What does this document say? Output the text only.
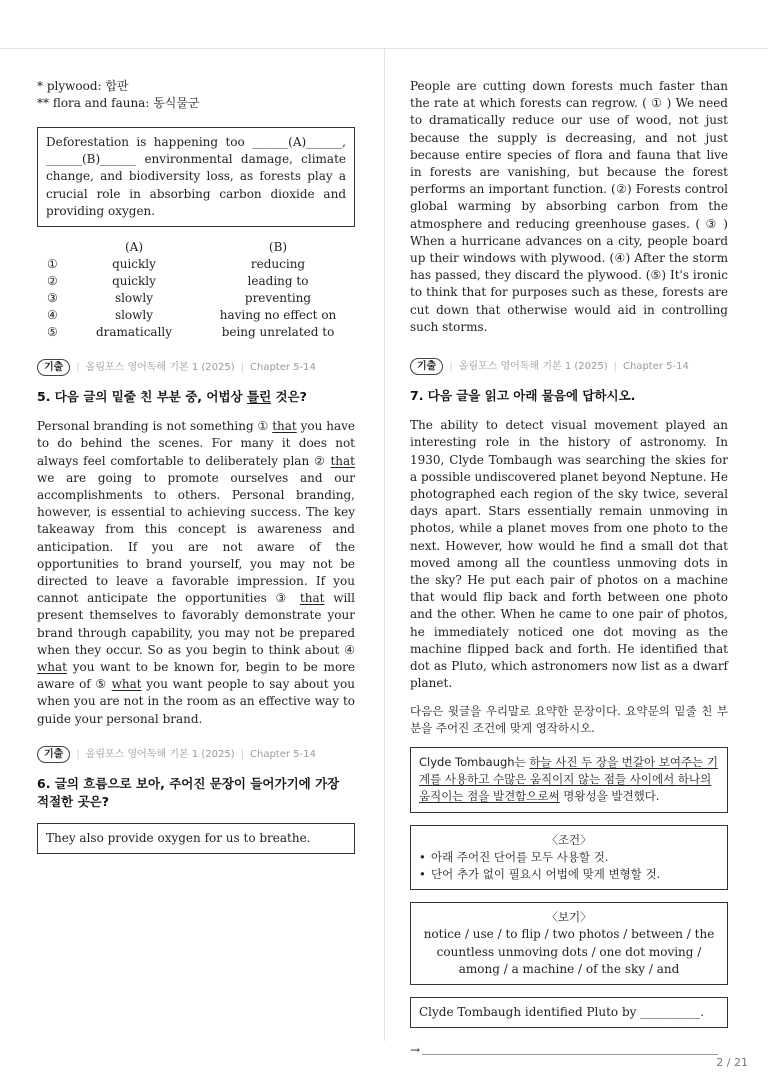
* plywood: 합판

** flora and fauna: 동식물군

Deforestation is happening too ______(A)______, ______(B)______ environmental damage, climate change, and biodiversity loss, as forests play a crucial role in absorbing carbon dioxide and providing oxygen.
	(A)	(B)
①	quickly	reducing
②	quickly	leading to
③	slowly	preventing
④	slowly	having no effect on
⑤	dramatically	being unrelated to
기출	| 올림포스 영어독해 기본 1 (2025) | Chapter 5-14

5. 다음 글의 밑줄 친 부분 중, 어법상 틀린 것은?

Personal branding is not something ① that you have to do behind the scenes. For many it does not always feel comfortable to deliberately plan ② that we are going to promote ourselves and our accomplishments to others. Personal branding, however, is essential to achieving success. The key takeaway from this concept is awareness and anticipation. If you are not aware of the opportunities to brand yourself, you may not be directed to leave a favorable impression. If you cannot anticipate the opportunities ③ that will present themselves to favorably demonstrate your brand through capability, you may not be prepared when they occur. So as you begin to think about ④ what you want to be known for, begin to be more aware of ⑤ what you want people to say about you when you are not in the room as an effective way to guide your personal brand.

기출	| 올림포스 영어독해 기본 1 (2025) | Chapter 5-14

6. 글의 흐름으로 보아, 주어진 문장이 들어가기에 가장 적절한 곳은?

They also provide oxygen for us to breathe.

People are cutting down forests much faster than the rate at which forests can regrow. ( ① ) We need to dramatically reduce our use of wood, not just because the supply is decreasing, and not just because entire species of flora and fauna that live in forests are vanishing, but because the forest performs an important function. (②) Forests control global warming by absorbing carbon from the atmosphere and reducing greenhouse gases. ( ③ ) When a hurricane advances on a city, people board up their windows with plywood. (④) After the storm has passed, they discard the plywood. (⑤) It's ironic to think that for purposes such as these, forests are cut down that otherwise would aid in controlling such storms.

기출	| 올림포스 영어독해 기본 1 (2025) | Chapter 5-14

7. 다음 글을 읽고 아래 물음에 답하시오.

The ability to detect visual movement played an interesting role in the history of astronomy. In 1930, Clyde Tombaugh was searching the skies for a possible undiscovered planet beyond Neptune. He photographed each region of the sky twice, several days apart. Stars essentially remain unmoving in photos, while a planet moves from one photo to the next. However, how would he find a small dot that moved among all the countless unmoving dots in the sky? He put each pair of photos on a machine that would flip back and forth between one photo and the other. When he came to one pair of photos, he immediately noticed one dot moving as the machine flipped back and forth. He identified that dot as Pluto, which astronomers now list as a dwarf planet.

다음은 윗글을 우리말로 요약한 문장이다. 요약문의 밑줄 친 부분을 주어진 조건에 맞게 영작하시오.

Clyde Tombaugh는 하늘 사진 두 장을 번갈아 보여주는 기계를 사용하고 수많은 움직이지 않는 점들 사이에서 하나의 움직이는 점을 발견함으로써 명왕성을 발견했다.
〈조건〉
• 아래 주어진 단어를 모두 사용할 것.
• 단어 추가 없이 필요시 어법에 맞게 변형할 것.
〈보기〉
notice / use / to flip / two photos / between / the countless unmoving dots / one dot moving / among / a machine / of the sky / and
Clyde Tombaugh identified Pluto by __________.
→
2 / 21
